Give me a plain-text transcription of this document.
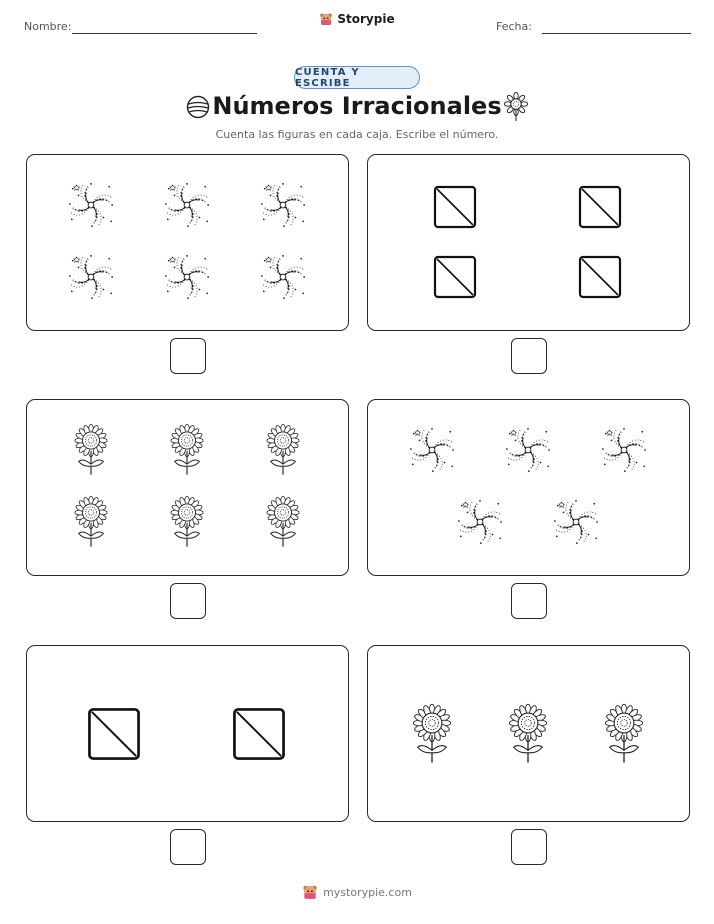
Nombre:
Storypie
Fecha:
CUENTA Y ESCRIBE
Números Irracionales
Cuenta las figuras en cada caja. Escribe el número.
mystorypie.com
